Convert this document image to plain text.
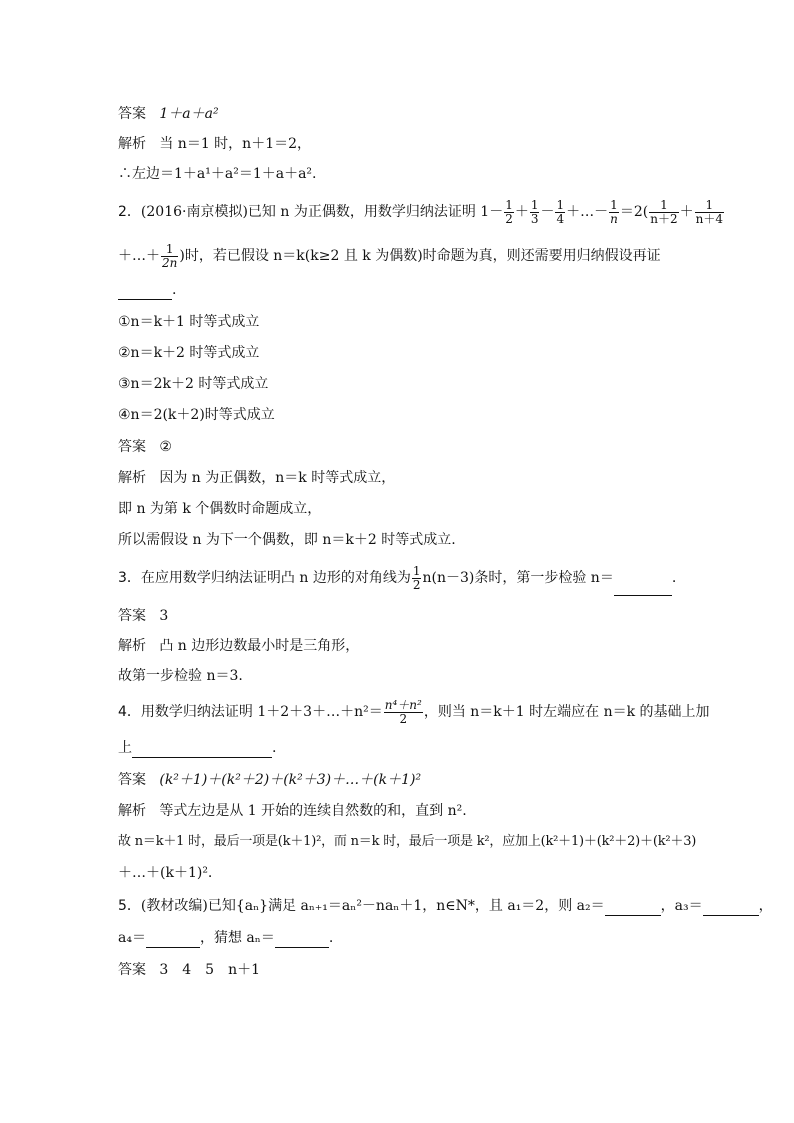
答案 1＋a＋a²
解析 当 n＝1 时，n＋1＝2，
∴左边＝1＋a¹＋a²＝1＋a＋a².
2．(2016·南京模拟)已知 n 为正偶数，用数学归纳法证明 $1- \frac{1}{2} + \frac{1}{3} - \frac{1}{4}$ ＋…－ $\frac{1}{n} =2( \frac{1}{n+2} + \frac{1}{n+4}$
＋…＋ $\frac{1}{2n}$ )时，若已假设 n＝k(k≥2 且 k 为偶数)时命题为真，则还需要用归纳假设再证
.
①n＝k＋1 时等式成立
②n＝k＋2 时等式成立
③n＝2k＋2 时等式成立
④n＝2(k＋2)时等式成立
答案 ②
解析 因为 n 为正偶数，n＝k 时等式成立，
即 n 为第 k 个偶数时命题成立，
所以需假设 n 为下一个偶数，即 n＝k＋2 时等式成立.
3．在应用数学归纳法证明凸 n 边形的对角线为 $\frac{1}{2} n(n-3)$条时，第一步检验 n＝	.
答案 3
解析 凸 n 边形边数最小时是三角形，
故第一步检验 n＝3.
4．用数学归纳法证明 1＋2＋3＋…＋n²＝ $\frac{\text{n⁴＋n²}}{2}$ ，则当 n＝k＋1 时左端应在 n＝k 的基础上加
上	.
答案 (k²＋1)＋(k²＋2)＋(k²＋3)＋…＋(k＋1)²
解析 等式左边是从 1 开始的连续自然数的和，直到 n².
故 n＝k＋1 时，最后一项是(k＋1)²，而 n＝k 时，最后一项是 k²，应加上(k²＋1)＋(k²＋2)＋(k²＋3)
＋…＋(k＋1)².
5．(教材改编)已知{aₙ}满足 aₙ₊₁＝aₙ²－naₙ＋1，n∈N*，且 a₁＝2，则 a₂＝	，a₃＝	，
a₄＝	，猜想 aₙ＝	.
答案 3　4　5　n＋1
